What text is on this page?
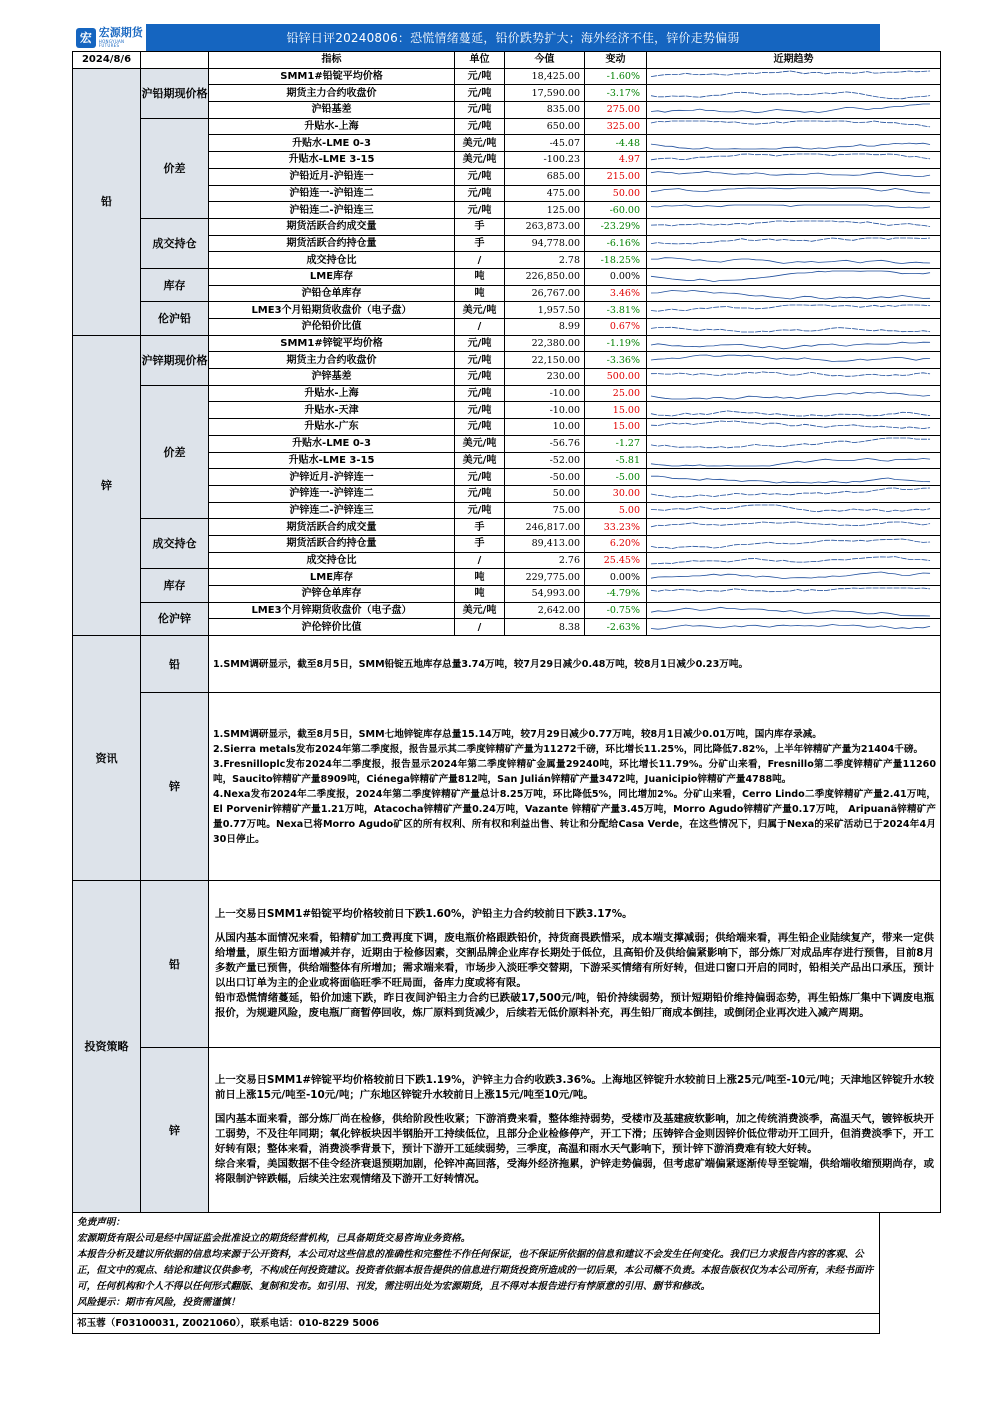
宏 宏源期货
HONGYUAN FUTURES
铅锌日评20240806：恐慌情绪蔓延，铅价跌势扩大；海外经济不佳，锌价走势偏弱
2024/8/6		指标	单位	今值	变动	近期趋势
铅	沪铅期现价格	SMM1#铅锭平均价格	元/吨	18,425.00	-1.60%	

		期货主力合约收盘价	元/吨	17,590.00	-3.17%	

		沪铅基差	元/吨	835.00	275.00	

	价差	升贴水-上海	元/吨	650.00	325.00	

		升贴水-LME 0-3	美元/吨	-45.07	-4.48	

		升贴水-LME 3-15	美元/吨	-100.23	4.97	

		沪铅近月-沪铅连一	元/吨	685.00	215.00	

		沪铅连一-沪铅连二	元/吨	475.00	50.00	

		沪铅连二-沪铅连三	元/吨	125.00	-60.00	

	成交持仓	期货活跃合约成交量	手	263,873.00	-23.29%	

		期货活跃合约持仓量	手	94,778.00	-6.16%	

		成交持仓比	/	2.78	-18.25%	

	库存	LME库存	吨	226,850.00	0.00%	

		沪铅仓单库存	吨	26,767.00	3.46%	

	伦沪铅	LME3个月铅期货收盘价（电子盘）	美元/吨	1,957.50	-3.81%	

		沪伦铅价比值	/	8.99	0.67%	

锌	沪锌期现价格	SMM1#锌锭平均价格	元/吨	22,380.00	-1.19%	

		期货主力合约收盘价	元/吨	22,150.00	-3.36%	

		沪锌基差	元/吨	230.00	500.00	

	价差	升贴水-上海	元/吨	-10.00	25.00	

		升贴水-天津	元/吨	-10.00	15.00	

		升贴水-广东	元/吨	10.00	15.00	

		升贴水-LME 0-3	美元/吨	-56.76	-1.27	

		升贴水-LME 3-15	美元/吨	-52.00	-5.81	

		沪锌近月-沪锌连一	元/吨	-50.00	-5.00	

		沪锌连一-沪锌连二	元/吨	50.00	30.00	

		沪锌连二-沪锌连三	元/吨	75.00	5.00	

	成交持仓	期货活跃合约成交量	手	246,817.00	33.23%	

		期货活跃合约持仓量	手	89,413.00	6.20%	

		成交持仓比	/	2.76	25.45%	

	库存	LME库存	吨	229,775.00	0.00%	

		沪锌仓单库存	吨	54,993.00	-4.79%	

	伦沪锌	LME3个月锌期货收盘价（电子盘）	美元/吨	2,642.00	-0.75%	

		沪伦锌价比值	/	8.38	-2.63%	

资讯	铅	1.SMM调研显示，截至8月5日，SMM铅锭五地库存总量3.74万吨，较7月29日减少0.48万吨，较8月1日减少0.23万吨。				
	锌	1.SMM调研显示，截至8月5日，SMM七地锌锭库存总量15.14万吨，较7月29日减少0.77万吨，较8月1日减少0.01万吨，国内库存录减。
2.Sierra metals发布2024年第二季度报，报告显示其二季度锌精矿产量为11272千磅，环比增长11.25%，同比降低7.82%，上半年锌精矿产量为21404千磅。
3.Fresnilloplc发布2024年二季度报，报告显示2024年第二季度锌精矿金属量29240吨，环比增长11.79%。分矿山来看，Fresnillo第二季度锌精矿产量11260吨，Saucito锌精矿产量8909吨，Ciénega锌精矿产量812吨，San Julián锌精矿产量3472吨，Juanicipio锌精矿产量4788吨。
4.Nexa发布2024年二季度报，2024年第二季度锌精矿产量总计8.25万吨，环比降低5%，同比增加2%。分矿山来看，Cerro Lindo二季度锌精矿产量2.41万吨， El Porvenir锌精矿产量1.21万吨，Atacocha锌精矿产量0.24万吨，Vazante 锌精矿产量3.45万吨，Morro Agudo锌精矿产量0.17万吨， Aripuanã锌精矿产量0.77万吨。Nexa已将Morro Agudo矿区的所有权利、所有权和利益出售、转让和分配给Casa Verde，在这些情况下，归属于Nexa的采矿活动已于2024年4月30日停止。				

投资策略	铅	上一交易日SMM1#铅锭平均价格较前日下跌1.60%，沪铅主力合约较前日下跌3.17%。

从国内基本面情况来看，铅精矿加工费再度下调，废电瓶价格跟跌铅价，持货商畏跌惜采，成本端支撑减弱；供给端来看，再生铅企业陆续复产，带来一定供给增量，原生铅方面增减并存，近期由于检修因素，交割品牌企业库存长期处于低位，且高铅价及供给偏紧影响下，部分炼厂对成品库存进行预售，目前8月多数产量已预售，供给端整体有所增加；需求端来看，市场步入淡旺季交替期，下游采买情绪有所好转，但进口窗口开启的同时，铅相关产品出口承压，预计以出口订单为主的企业或将面临旺季不旺局面，备库力度或将有限。

铅市恐慌情绪蔓延，铅价加速下跌，昨日夜间沪铅主力合约已跌破17,500元/吨，铅价持续弱势，预计短期铅价维持偏弱态势，再生铅炼厂集中下调废电瓶报价，为规避风险，废电瓶厂商暂停回收，炼厂原料到货减少，后续若无低价原料补充，再生铅厂商成本倒挂，或倒闭企业再次进入减产周期。				

	锌	上一交易日SMM1#锌锭平均价格较前日下跌1.19%，沪锌主力合约收跌3.36%。上海地区锌锭升水较前日上涨25元/吨至-10元/吨；天津地区锌锭升水较前日上涨15元/吨至-10元/吨；广东地区锌锭升水较前日上涨15元/吨至10元/吨。

国内基本面来看，部分炼厂尚在检修，供给阶段性收紧；下游消费来看，整体维持弱势，受楼市及基建疲软影响，加之传统消费淡季，高温天气，镀锌板块开工弱势，不及往年同期；氧化锌板块因半钢胎开工持续低位，且部分企业检修停产，开工下滑；压铸锌合金则因锌价低位带动开工回升，但消费淡季下，开工好转有限；整体来看，消费淡季背景下，预计下游开工延续弱势，三季度，高温和雨水天气影响下，预计锌下游消费难有较大好转。

综合来看，美国数据不佳令经济衰退预期加剧，伦锌冲高回落，受海外经济拖累，沪锌走势偏弱，但考虑矿端偏紧逐渐传导至锭端，供给端收缩预期尚存，或将限制沪锌跌幅，后续关注宏观情绪及下游开工好转情况。				

免责声明：

宏源期货有限公司是经中国证监会批准设立的期货经营机构，已具备期货交易咨询业务资格。

本报告分析及建议所依据的信息均来源于公开资料，本公司对这些信息的准确性和完整性不作任何保证，也不保证所依据的信息和建议不会发生任何变化。我们已力求报告内容的客观、公正，但文中的观点、结论和建议仅供参考，不构成任何投资建议。投资者依据本报告提供的信息进行期货投资所造成的一切后果，本公司概不负责。本报告版权仅为本公司所有，未经书面许可，任何机构和个人不得以任何形式翻版、复制和发布。如引用、刊发，需注明出处为宏源期货，且不得对本报告进行有悖原意的引用、删节和修改。

风险提示：期市有风险，投资需谨慎！

祁玉蓉（F03100031, Z0021060），联系电话：010-8229 5006
